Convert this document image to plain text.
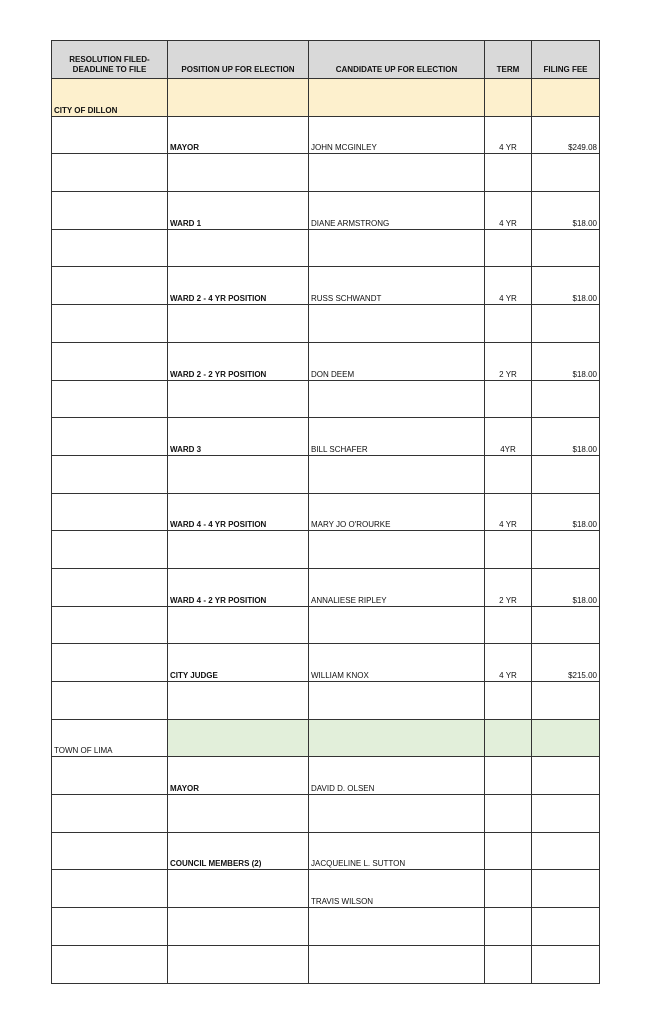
RESOLUTION FILED-DEADLINE TO FILE	POSITION UP FOR ELECTION	CANDIDATE UP FOR ELECTION	TERM	FILING FEE
CITY OF DILLON				
	MAYOR	JOHN MCGINLEY	4 YR	$249.08

	WARD 1	DIANE ARMSTRONG	4 YR	$18.00

	WARD 2 - 4 YR POSITION	RUSS SCHWANDT	4 YR	$18.00

	WARD 2 - 2 YR POSITION	DON DEEM	2 YR	$18.00

	WARD 3	BILL SCHAFER	4YR	$18.00

	WARD 4 - 4 YR POSITION	MARY JO O'ROURKE	4 YR	$18.00

	WARD 4 - 2 YR POSITION	ANNALIESE RIPLEY	2 YR	$18.00

	CITY JUDGE	WILLIAM KNOX	4 YR	$215.00

TOWN OF LIMA				
	MAYOR	DAVID D. OLSEN		

	COUNCIL MEMBERS (2)	JACQUELINE L. SUTTON		
		TRAVIS WILSON		
